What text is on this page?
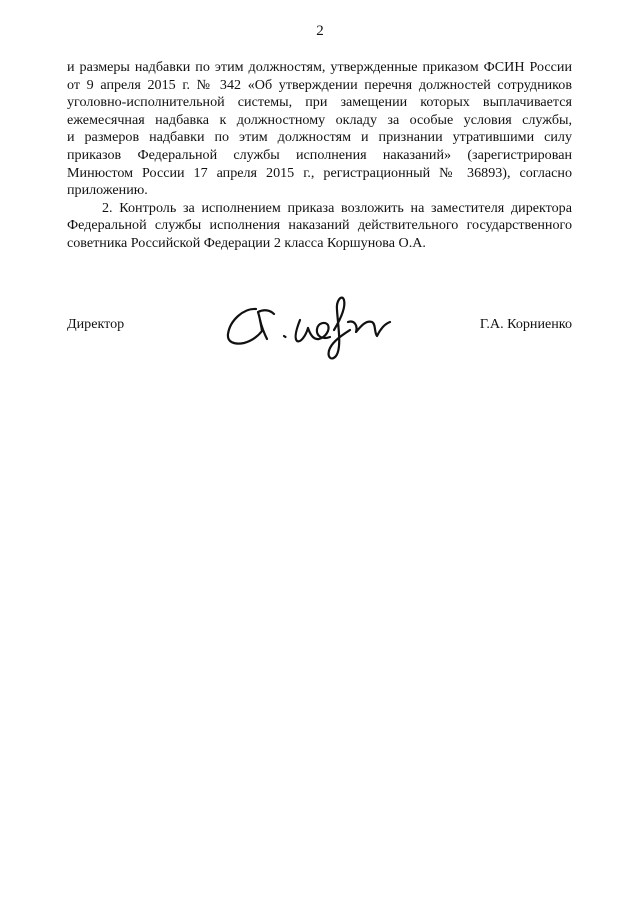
2

и размеры надбавки по этим должностям, утвержденные приказом ФСИН России
от 9 апреля 2015 г. № 342 «Об утверждении перечня должностей сотрудников
уголовно-исполнительной системы, при замещении которых выплачивается
ежемесячная надбавка к должностному окладу за особые условия службы,
и размеров надбавки по этим должностям и признании утратившими силу
приказов Федеральной службы исполнения наказаний» (зарегистрирован
Минюстом России 17 апреля 2015 г., регистрационный № 36893), согласно
приложению.

2. Контроль за исполнением приказа возложить на заместителя директора
Федеральной службы исполнения наказаний действительного государственного
советника Российской Федерации 2 класса Коршунова О.А.

Директор	Г.А. Корниенко
